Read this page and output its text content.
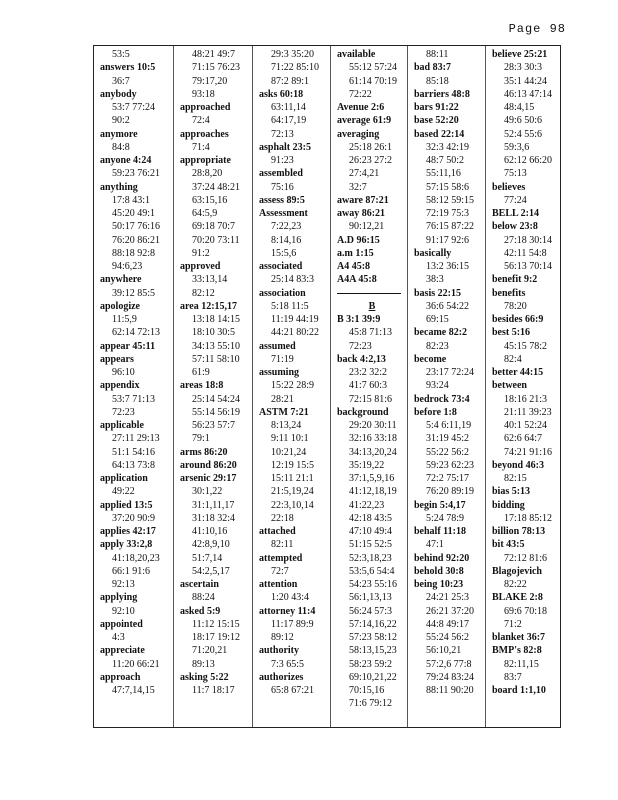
Page 98
53:5
answers 10:5
36:7
anybody
53:7 77:24
90:2
anymore
84:8
anyone 4:24
59:23 76:21
anything
17:8 43:1
45:20 49:1
50:17 76:16
76:20 86:21
88:18 92:8
94:6,23
anywhere
39:12 85:5
apologize
11:5,9
62:14 72:13
appear 45:11
appears
96:10
appendix
53:7 71:13
72:23
applicable
27:11 29:13
51:1 54:16
64:13 73:8
application
49:22
applied 13:5
37:20 90:9
applies 42:17
apply 33:2,8
41:18,20,23
66:1 91:6
92:13
applying
92:10
appointed
4:3
appreciate
11:20 66:21
approach
47:7,14,15
48:21 49:7
71:15 76:23
79:17,20
93:18
approached
72:4
approaches
71:4
appropriate
28:8,20
37:24 48:21
63:15,16
64:5,9
69:18 70:7
70:20 73:11
91:2
approved
33:13,14
82:12
area 12:15,17
13:18 14:15
18:10 30:5
34:13 55:10
57:11 58:10
61:9
areas 18:8
25:14 54:24
55:14 56:19
56:23 57:7
79:1
arms 86:20
around 86:20
arsenic 29:17
30:1,22
31:1,11,17
31:18 32:4
41:10,16
42:8,9,10
51:7,14
54:2,5,17
ascertain
88:24
asked 5:9
11:12 15:15
18:17 19:12
71:20,21
89:13
asking 5:22
11:7 18:17
29:3 35:20
71:22 85:10
87:2 89:1
asks 60:18
63:11,14
64:17,19
72:13
asphalt 23:5
91:23
assembled
75:16
assess 89:5
Assessment
7:22,23
8:14,16
15:5,6
associated
25:14 83:3
association
5:18 11:5
11:19 44:19
44:21 80:22
assumed
71:19
assuming
15:22 28:9
28:21
ASTM 7:21
8:13,24
9:11 10:1
10:21,24
12:19 15:5
15:11 21:1
21:5,19,24
22:3,10,14
22:18
attached
82:11
attempted
72:7
attention
1:20 43:4
attorney 11:4
11:17 89:9
89:12
authority
7:3 65:5
authorizes
65:8 67:21
available
55:12 57:24
61:14 70:19
72:22
Avenue 2:6
average 61:9
averaging
25:18 26:1
26:23 27:2
27:4,21
32:7
aware 87:21
away 86:21
90:12,21
A.D 96:15
a.m 1:15
A4 45:8
A4A 45:8
B
B 3:1 39:9
45:8 71:13
72:23
back 4:2,13
23:2 32:2
41:7 60:3
72:15 81:6
background
29:20 30:11
32:16 33:18
34:13,20,24
35:19,22
37:1,5,9,16
41:12,18,19
41:22,23
42:18 43:5
47:10 49:4
51:15 52:5
52:3,18,23
53:5,6 54:4
54:23 55:16
56:1,13,13
56:24 57:3
57:14,16,22
57:23 58:12
58:13,15,23
58:23 59:2
69:10,21,22
70:15,16
71:6 79:12
88:11
bad 83:7
85:18
barriers 48:8
bars 91:22
base 52:20
based 22:14
32:3 42:19
48:7 50:2
55:11,16
57:15 58:6
58:12 59:15
72:19 75:3
76:15 87:22
91:17 92:6
basically
13:2 36:15
38:3
basis 22:15
36:6 54:22
69:15
became 82:2
82:23
become
23:17 72:24
93:24
bedrock 73:4
before 1:8
5:4 6:11,19
31:19 45:2
55:22 56:2
59:23 62:23
72:2 75:17
76:20 89:19
begin 5:4,17
5:24 78:9
behalf 11:18
47:1
behind 92:20
behold 30:8
being 10:23
24:21 25:3
26:21 37:20
44:8 49:17
55:24 56:2
56:10,21
57:2,6 77:8
79:24 83:24
88:11 90:20
believe 25:21
28:3 30:3
35:1 44:24
46:13 47:14
48:4,15
49:6 50:6
52:4 55:6
59:3,6
62:12 66:20
75:13
believes
77:24
BELL 2:14
below 23:8
27:18 30:14
42:11 54:8
56:13 70:14
benefit 9:2
benefits
78:20
besides 66:9
best 5:16
45:15 78:2
82:4
better 44:15
between
18:16 21:3
21:11 39:23
40:1 52:24
62:6 64:7
74:21 91:16
beyond 46:3
82:15
bias 5:13
bidding
17:18 85:12
billion 78:13
bit 43:5
72:12 81:6
Blagojevich
82:22
BLAKE 2:8
69:6 70:18
71:2
blanket 36:7
BMP's 82:8
82:11,15
83:7
board 1:1,10
